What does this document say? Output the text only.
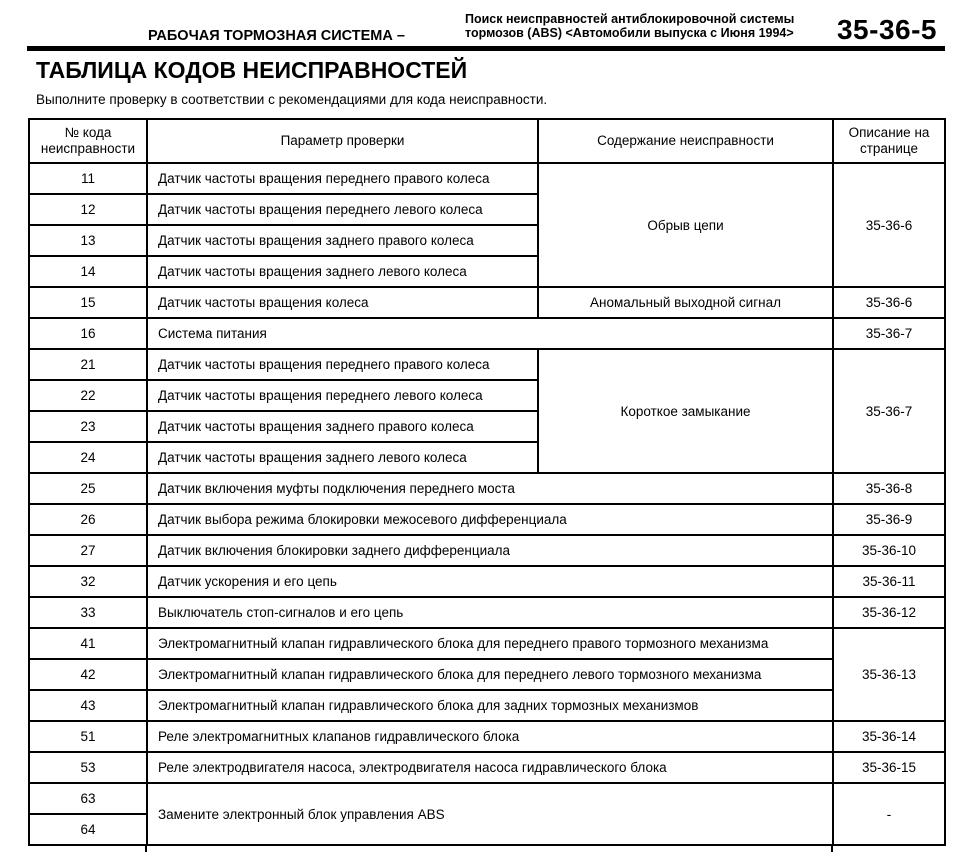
РАБОЧАЯ ТОРМОЗНАЯ СИСТЕМА –
Поиск неисправностей антиблокировочной системы
тормозов (ABS) <Автомобили выпуска с Июня 1994> 35-36-5
ТАБЛИЦА КОДОВ НЕИСПРАВНОСТЕЙ
Выполните проверку в соответствии с рекомендациями для кода неисправности.
№ кода неисправности	Параметр проверки	Содержание неисправности	Описание на странице
11	Датчик частоты вращения переднего правого колеса	Обрыв цепи	35-36-6
12	Датчик частоты вращения переднего левого колеса		
13	Датчик частоты вращения заднего правого колеса		
14	Датчик частоты вращения заднего левого колеса		
15	Датчик частоты вращения колеса	Аномальный выходной сигнал	35-36-6
16	Система питания		35-36-7
21	Датчик частоты вращения переднего правого колеса	Короткое замыкание	35-36-7
22	Датчик частоты вращения переднего левого колеса		
23	Датчик частоты вращения заднего правого колеса		
24	Датчик частоты вращения заднего левого колеса		
25	Датчик включения муфты подключения переднего моста		35-36-8
26	Датчик выбора режима блокировки межосевого дифференциала		35-36-9
27	Датчик включения блокировки заднего дифференциала		35-36-10
32	Датчик ускорения и его цепь		35-36-11
33	Выключатель стоп-сигналов и его цепь		35-36-12
41	Электромагнитный клапан гидравлического блока для переднего правого тормозного механизма		35-36-13
42	Электромагнитный клапан гидравлического блока для переднего левого тормозного механизма		
43	Электромагнитный клапан гидравлического блока для задних тормозных механизмов		
51	Реле электромагнитных клапанов гидравлического блока		35-36-14
53	Реле электродвигателя насоса, электродвигателя насоса гидравлического блока		35-36-15
63	Замените электронный блок управления ABS		-
64			
